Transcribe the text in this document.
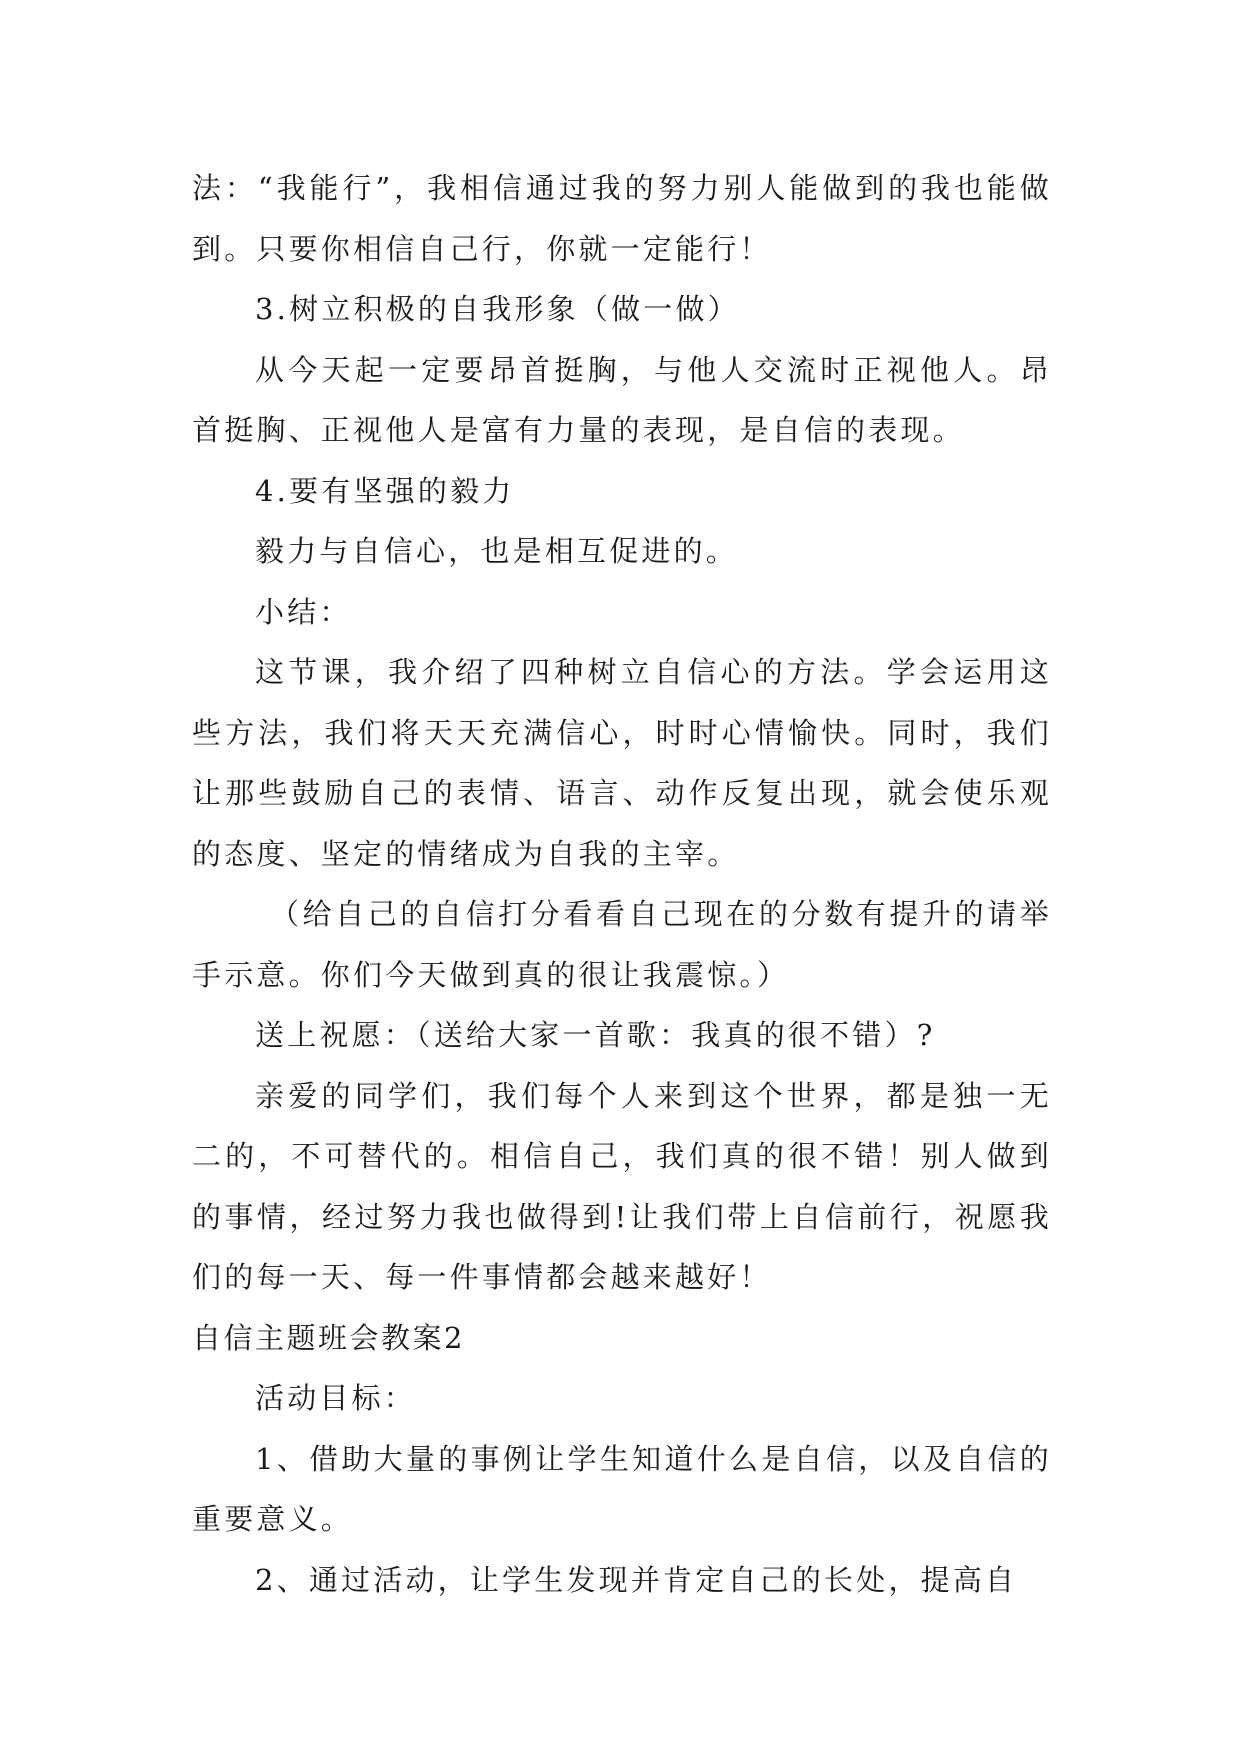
法：“我能行”，我相信通过我的努力别人能做到的我也能做到。只要你相信自己行，你就一定能行！

3.树立积极的自我形象（做一做）

从今天起一定要昂首挺胸，与他人交流时正视他人。昂首挺胸、正视他人是富有力量的表现，是自信的表现。

4.要有坚强的毅力

毅力与自信心，也是相互促进的。

小结：

这节课，我介绍了四种树立自信心的方法。学会运用这些方法，我们将天天充满信心，时时心情愉快。同时，我们让那些鼓励自己的表情、语言、动作反复出现，就会使乐观的态度、坚定的情绪成为自我的主宰。

（给自己的自信打分看看自己现在的分数有提升的请举手示意。你们今天做到真的很让我震惊。）

送上祝愿：（送给大家一首歌：我真的很不错）?

亲爱的同学们，我们每个人来到这个世界，都是独一无二的，不可替代的。相信自己，我们真的很不错！别人做到的事情，经过努力我也做得到!让我们带上自信前行，祝愿我们的每一天、每一件事情都会越来越好！

自信主题班会教案2

活动目标：

1、借助大量的事例让学生知道什么是自信，以及自信的重要意义。

2、通过活动，让学生发现并肯定自己的长处，提高自
